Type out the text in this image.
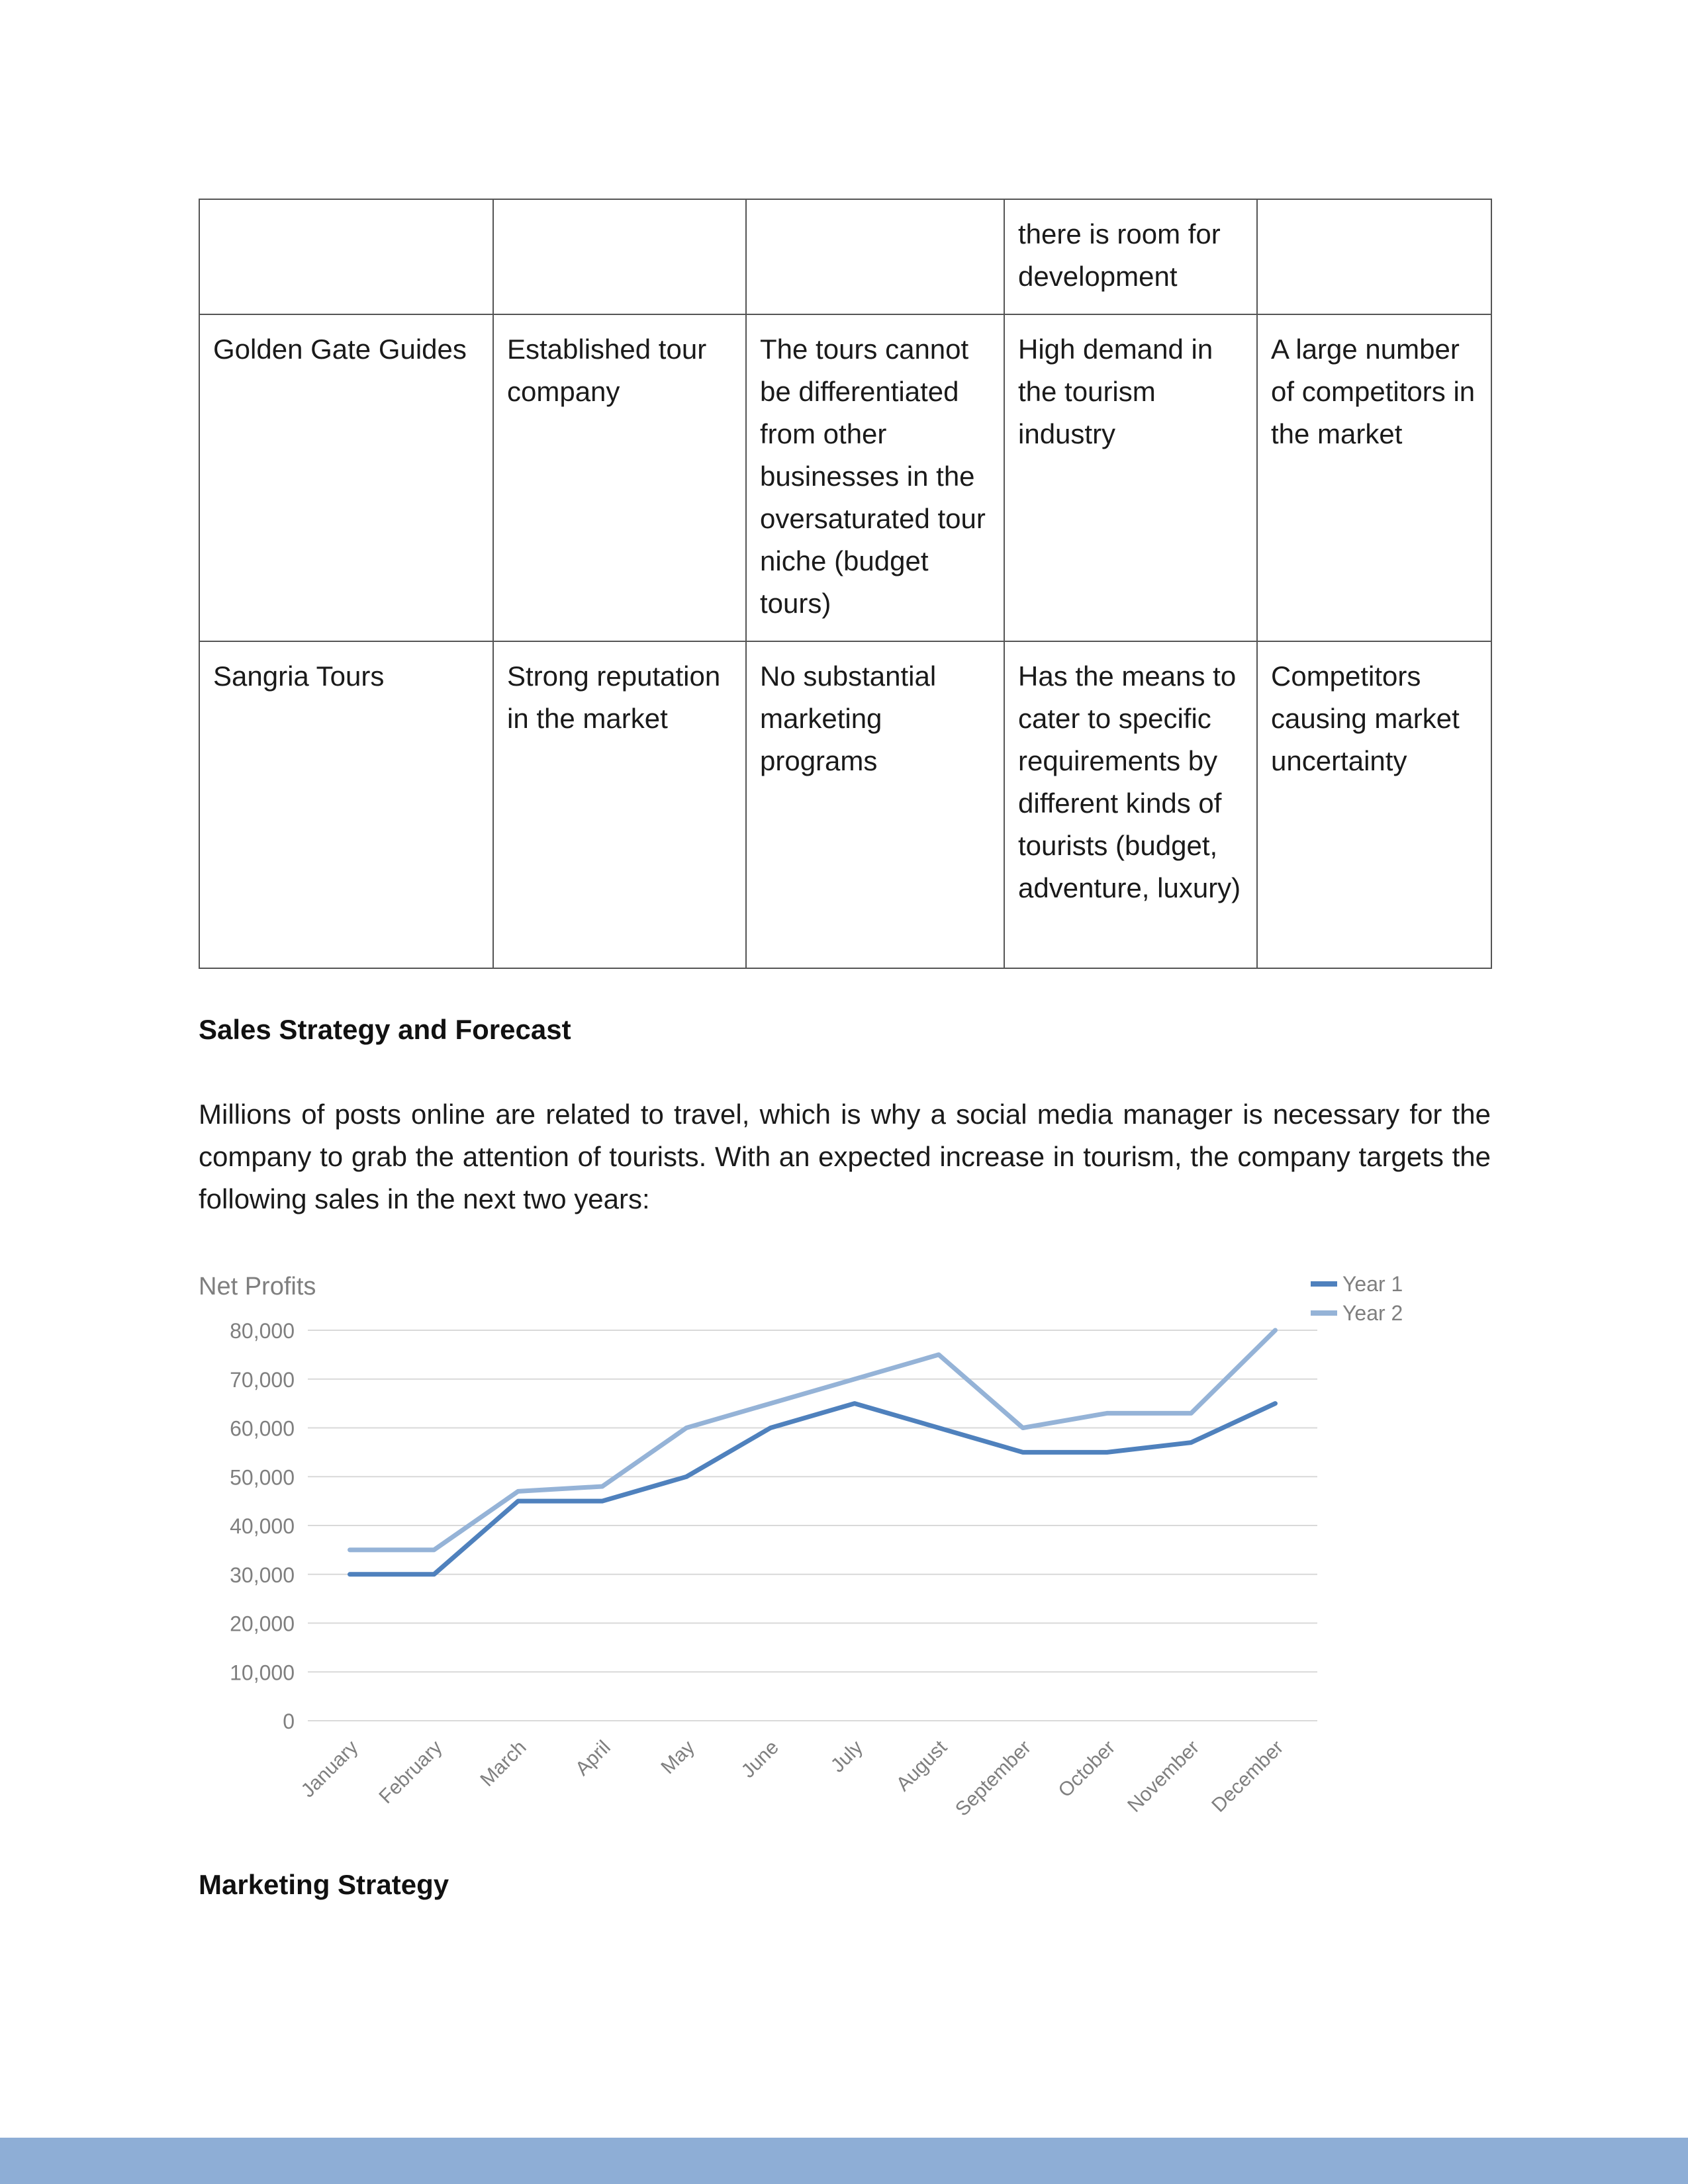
			there is room for development	
Golden Gate Guides	Established tour company	The tours cannot be differentiated from other businesses in the oversaturated tour niche (budget tours)	High demand in the tourism industry	A large number of competitors in the market
Sangria Tours	Strong reputation in the market	No substantial marketing programs	Has the means to cater to specific requirements by different kinds of tourists (budget, adventure, luxury)	Competitors causing market uncertainty
Sales Strategy and Forecast
Millions of posts online are related to travel, which is why a social media manager is necessary for the company to grab the attention of tourists. With an expected increase in tourism, the company targets the following sales in the next two years:
Net Profits
0
10,000
20,000
30,000
40,000
50,000
60,000
70,000
80,000
January February March April May June July August September October November December
Year 1
Year 2
Marketing Strategy
